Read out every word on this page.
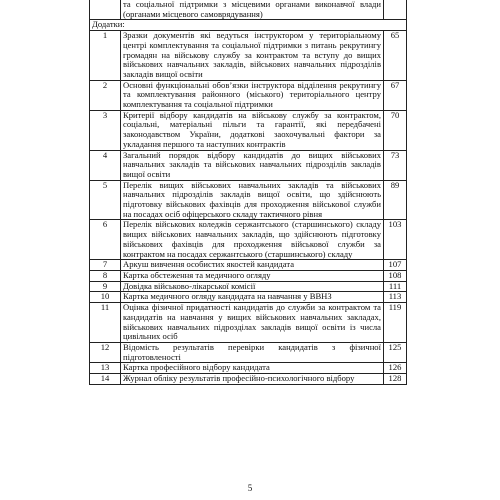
	та соціальної підтримки з місцевими органами виконавчої влади (органами місцевого самоврядування)	
Додатки:		
1	Зразки документів які ведуться інструктором у територіальному центрі комплектування та соціальної підтримки з питань рекрутингу громадян на військову службу за контрактом та вступу до вищих військових навчальних закладів, військових навчальних підрозділів закладів вищої освіти	65
2	Основні функціональні обов’язки інструктора відділення рекрутингу та комплектування районного (міського) територіального центру комплектування та соціальної підтримки	67
3	Критерії відбору кандидатів на військову службу за контрактом, соціальні, матеріальні пільги та гарантії, які передбачені законодавством України, додаткові заохочувальні фактори за укладання першого та наступних контрактів	70
4	Загальний порядок відбору кандидатів до вищих військових навчальних закладів та військових навчальних підрозділів закладів вищої освіти	73
5	Перелік вищих військових навчальних закладів та військових навчальних підрозділів закладів вищої освіти, що здійснюють підготовку військових фахівців для проходження військової служби на посадах осіб офіцерського складу тактичного рівня	89
6	Перелік військових коледжів сержантського (старшинського) складу вищих військових навчальних закладів, що здійснюють підготовку військових фахівців для проходження військової служби за контрактом на посадах сержантського (старшинського) складу	103
7	Аркуш вивчення особистих якостей кандидата	107
8	Картка обстеження та медичного огляду	108
9	Довідка військово-лікарської комісії	111
10	Картка медичного огляду кандидата на навчання у ВВНЗ	113
11	Оцінка фізичної придатності кандидатів до служби за контрактом та кандидатів на навчання у вищих військових навчальних закладах, військових навчальних підрозділах закладів вищої освіти із числа цивільних осіб	119
12	Відомість результатів перевірки кандидатів з фізичної підготовленості	125
13	Картка професійного відбору кандидата	126
14	Журнал обліку результатів професійно-психологічного відбору	128
5
